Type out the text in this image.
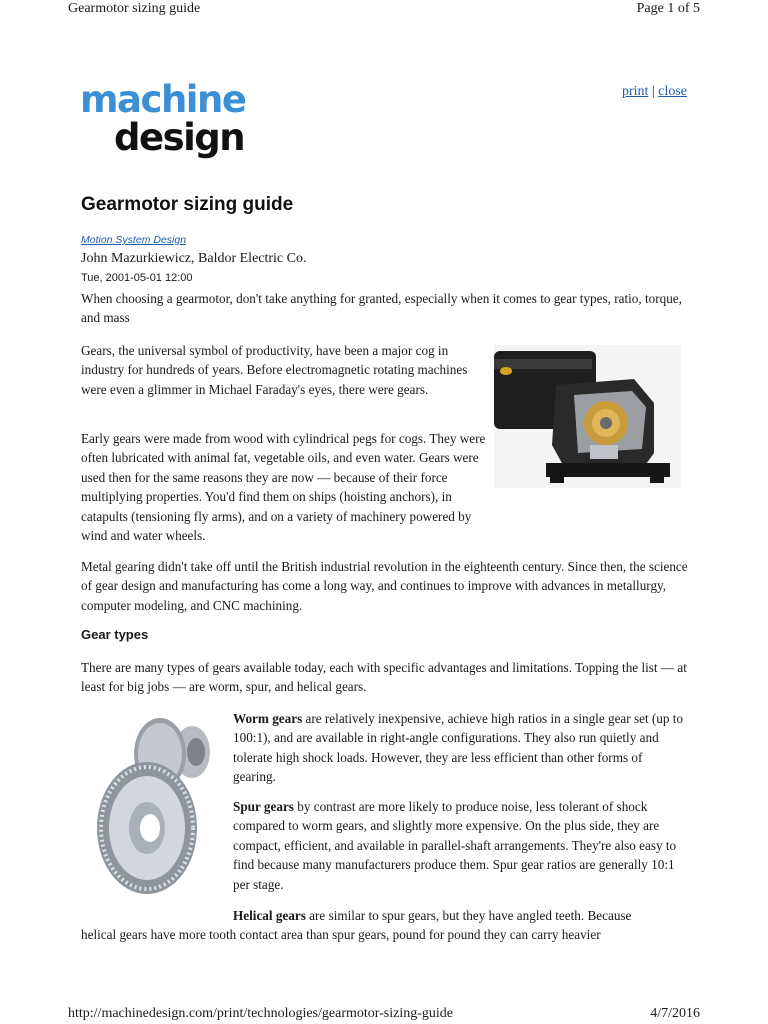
Gearmotor sizing guide	Page 1 of 5
machine
design
print | close
Gearmotor sizing guide
Motion System Design
John Mazurkiewicz, Baldor Electric Co.
Tue, 2001-05-01 12:00

When choosing a gearmotor, don't take anything for granted, especially when it comes to gear types, ratio, torque, and mass

Gears, the universal symbol of productivity, have been a major cog in industry for hundreds of years. Before electromagnetic rotating machines were even a glimmer in Michael Faraday's eyes, there were gears.

Early gears were made from wood with cylindrical pegs for cogs. They were often lubricated with animal fat, vegetable oils, and even water. Gears were used then for the same reasons they are now — because of their force multiplying properties. You'd find them on ships (hoisting anchors), in catapults (tensioning fly arms), and on a variety of machinery powered by wind and water wheels.

Metal gearing didn't take off until the British industrial revolution in the eighteenth century. Since then, the science of gear design and manufacturing has come a long way, and continues to improve with advances in metallurgy, computer modeling, and CNC machining.

Gear types

There are many types of gears available today, each with specific advantages and limitations. Topping the list — at least for big jobs — are worm, spur, and helical gears.

Worm gears are relatively inexpensive, achieve high ratios in a single gear set (up to 100:1), and are available in right-angle configurations. They also run quietly and tolerate high shock loads. However, they are less efficient than other forms of gearing.

Spur gears by contrast are more likely to produce noise, less tolerant of shock compared to worm gears, and slightly more expensive. On the plus side, they are compact, efficient, and available in parallel-shaft arrangements. They're also easy to find because many manufacturers produce them. Spur gear ratios are generally 10:1 per stage.

Helical gears are similar to spur gears, but they have angled teeth. Because
helical gears have more tooth contact area than spur gears, pound for pound they can carry heavier
http://machinedesign.com/print/technologies/gearmotor-sizing-guide	4/7/2016
